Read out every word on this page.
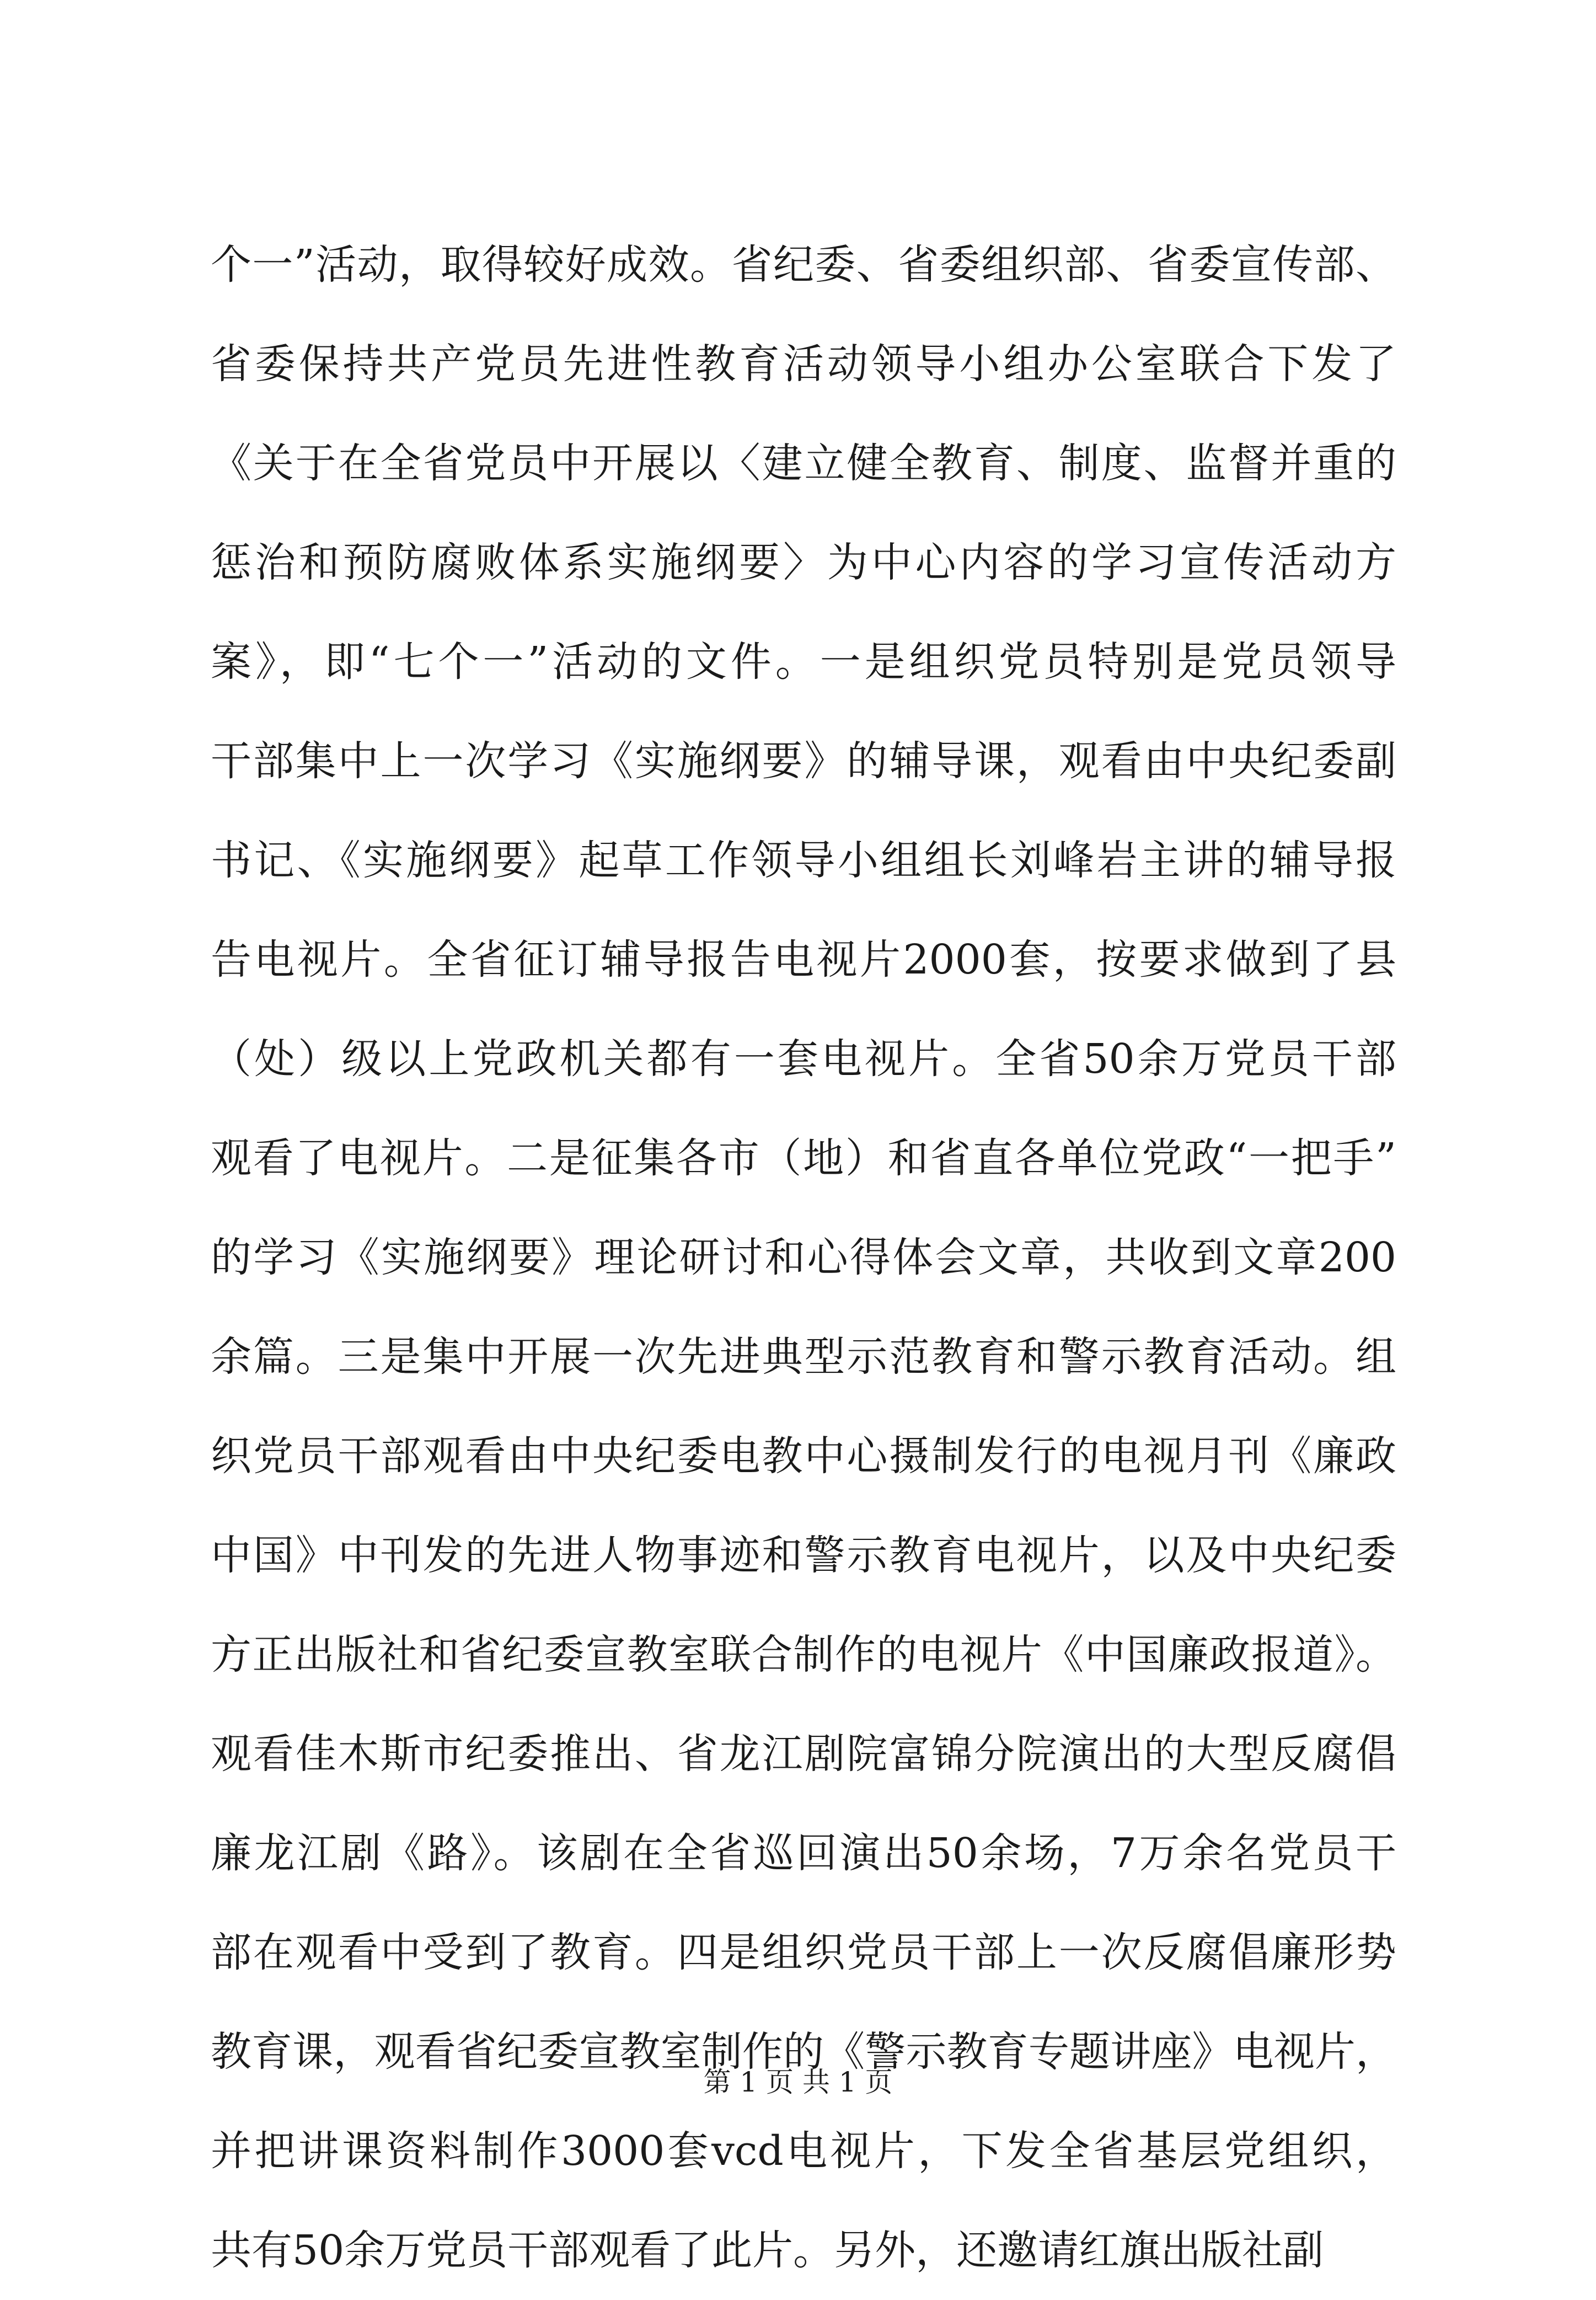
个一”活动，取得较好成效。省纪委、省委组织部、省委宣传部、
省委保持共产党员先进性教育活动领导小组办公室联合下发了
《关于在全省党员中开展以〈建立健全教育、制度、监督并重的
惩治和预防腐败体系实施纲要〉为中心内容的学习宣传活动方
案》，即“七个一”活动的文件。一是组织党员特别是党员领导
干部集中上一次学习《实施纲要》的辅导课，观看由中央纪委副
书记、《实施纲要》起草工作领导小组组长刘峰岩主讲的辅导报
告电视片。全省征订辅导报告电视片2000套，按要求做到了县
（处）级以上党政机关都有一套电视片。全省50余万党员干部
观看了电视片。二是征集各市（地）和省直各单位党政“一把手”
的学习《实施纲要》理论研讨和心得体会文章，共收到文章200
余篇。三是集中开展一次先进典型示范教育和警示教育活动。组
织党员干部观看由中央纪委电教中心摄制发行的电视月刊《廉政
中国》中刊发的先进人物事迹和警示教育电视片，以及中央纪委
方正出版社和省纪委宣教室联合制作的电视片《中国廉政报道》。
观看佳木斯市纪委推出、省龙江剧院富锦分院演出的大型反腐倡
廉龙江剧《路》。该剧在全省巡回演出50余场，7万余名党员干
部在观看中受到了教育。四是组织党员干部上一次反腐倡廉形势
教育课，观看省纪委宣教室制作的《警示教育专题讲座》电视片，
并把讲课资料制作3000套vcd电视片，下发全省基层党组织，
共有50余万党员干部观看了此片。另外，还邀请红旗出版社副
第 1 页 共 1 页
